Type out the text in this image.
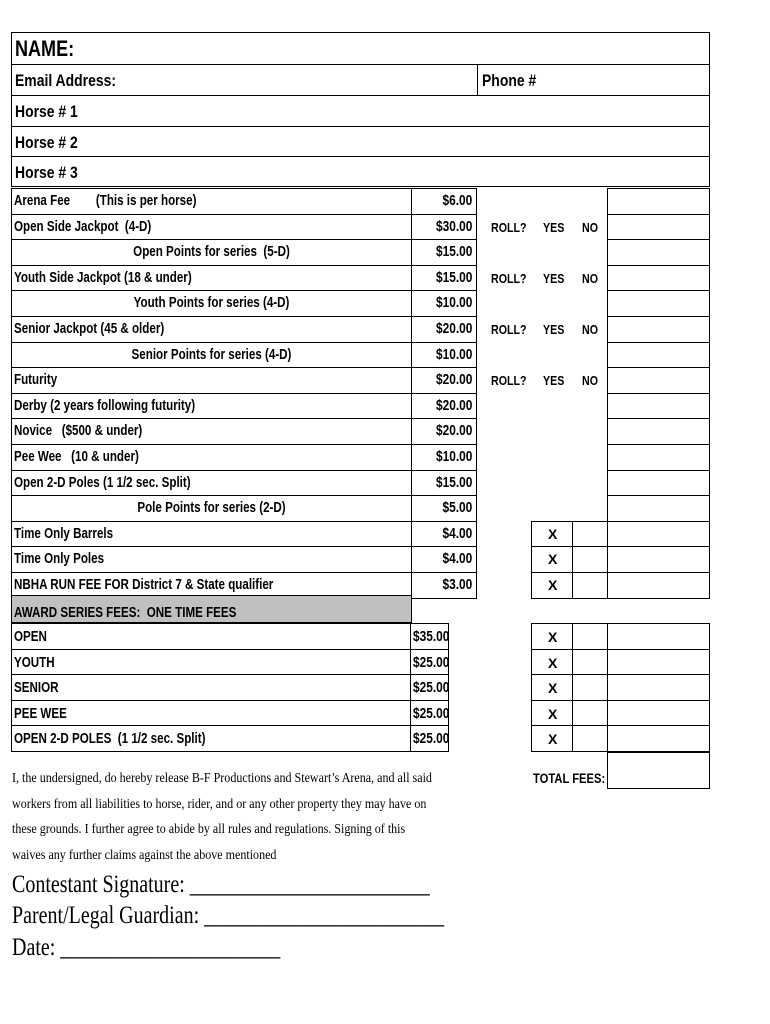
NAME:
Email Address:	Phone #
Horse # 1
Horse # 2
Horse # 3
Arena Fee        (This is per horse)	$6.00
Open Side Jackpot  (4-D)	$30.00 ROLL? YES NO
Open Points for series  (5-D)	$15.00
Youth Side Jackpot (18 & under)	$15.00 ROLL? YES NO
Youth Points for series (4-D)	$10.00
Senior Jackpot (45 & older)	$20.00 ROLL? YES NO
Senior Points for series (4-D)	$10.00
Futurity	$20.00 ROLL? YES NO
Derby (2 years following futurity)	$20.00
Novice   ($500 & under)	$20.00
Pee Wee   (10 & under)	$10.00
Open 2-D Poles (1 1/2 sec. Split)	$15.00
Pole Points for series (2-D)	$5.00
Time Only Barrels	$4.00	X
Time Only Poles	$4.00	X
NBHA RUN FEE FOR District 7 & State qualifier	$3.00	X
AWARD SERIES FEES:  ONE TIME FEES
OPEN	$35.00	X
YOUTH	$25.00	X
SENIOR	$25.00	X
PEE WEE	$25.00	X
OPEN 2-D POLES  (1 1/2 sec. Split)	$25.00	X
TOTAL FEES:
I, the undersigned, do hereby release B-F Productions and Stewart’s Arena, and all said
workers from all liabilities to horse, rider, and or any other property they may have on
these grounds. I further agree to abide by all rules and regulations. Signing of this
waives any further claims against the above mentioned
Contestant Signature: ________________________
Parent/Legal Guardian: ________________________
Date: ______________________
